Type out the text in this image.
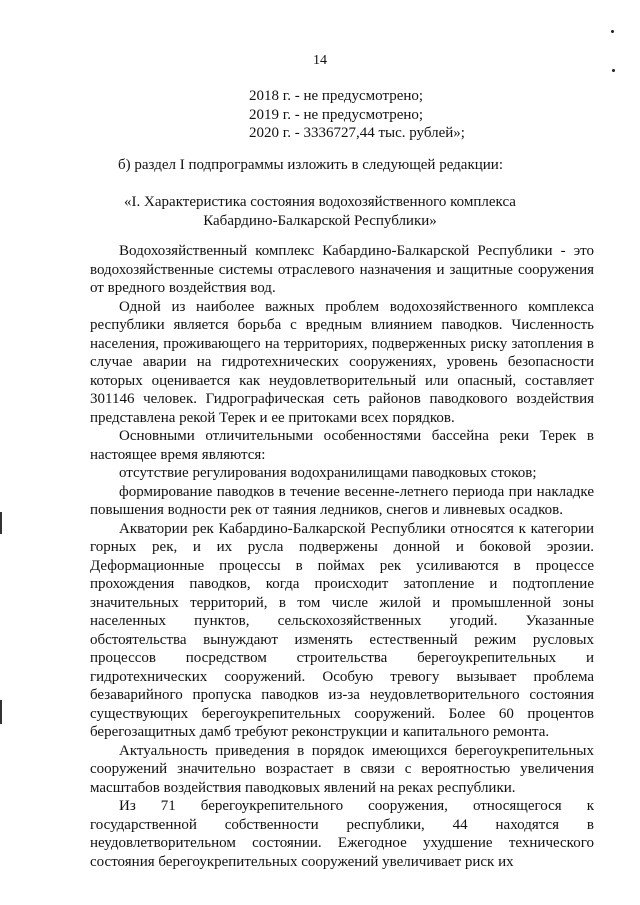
14
2018 г. - не предусмотрено;
2019 г. - не предусмотрено;
2020 г. - 3336727,44 тыс. рублей»;
б) раздел I подпрограммы изложить в следующей редакции:
«I. Характеристика состояния водохозяйственного комплекса
Кабардино-Балкарской Республики»

Водохозяйственный комплекс Кабардино-Балкарской Республики - это водохозяйственные системы отраслевого назначения и защитные сооружения от вредного воздействия вод.

Одной из наиболее важных проблем водохозяйственного комплекса республики является борьба с вредным влиянием паводков. Численность населения, проживающего на территориях, подверженных риску затопления в случае аварии на гидротехнических сооружениях, уровень безопасности которых оценивается как неудовлетворительный или опасный, составляет 301146 человек. Гидрографическая сеть районов паводкового воздействия представлена рекой Терек и ее притоками всех порядков.

Основными отличительными особенностями бассейна реки Терек в настоящее время являются:

отсутствие регулирования водохранилищами паводковых стоков;

формирование паводков в течение весенне-летнего периода при накладке повышения водности рек от таяния ледников, снегов и ливневых осадков.

Акватории рек Кабардино-Балкарской Республики относятся к категории горных рек, и их русла подвержены донной и боковой эрозии. Деформационные процессы в поймах рек усиливаются в процессе прохождения паводков, когда происходит затопление и подтопление значительных территорий, в том числе жилой и промышленной зоны населенных пунктов, сельскохозяйственных угодий. Указанные обстоятельства вынуждают изменять естественный режим русловых процессов посредством строительства берегоукрепительных и гидротехнических сооружений. Особую тревогу вызывает проблема безаварийного пропуска паводков из-за неудовлетворительного состояния существующих берегоукрепительных сооружений. Более 60 процентов берегозащитных дамб требуют реконструкции и капитального ремонта.

Актуальность приведения в порядок имеющихся берегоукрепительных сооружений значительно возрастает в связи с вероятностью увеличения масштабов воздействия паводковых явлений на реках республики.

Из 71 берегоукрепительного сооружения, относящегося к государственной собственности республики, 44 находятся в неудовлетворительном состоянии. Ежегодное ухудшение технического состояния берегоукрепительных сооружений увеличивает риск их
